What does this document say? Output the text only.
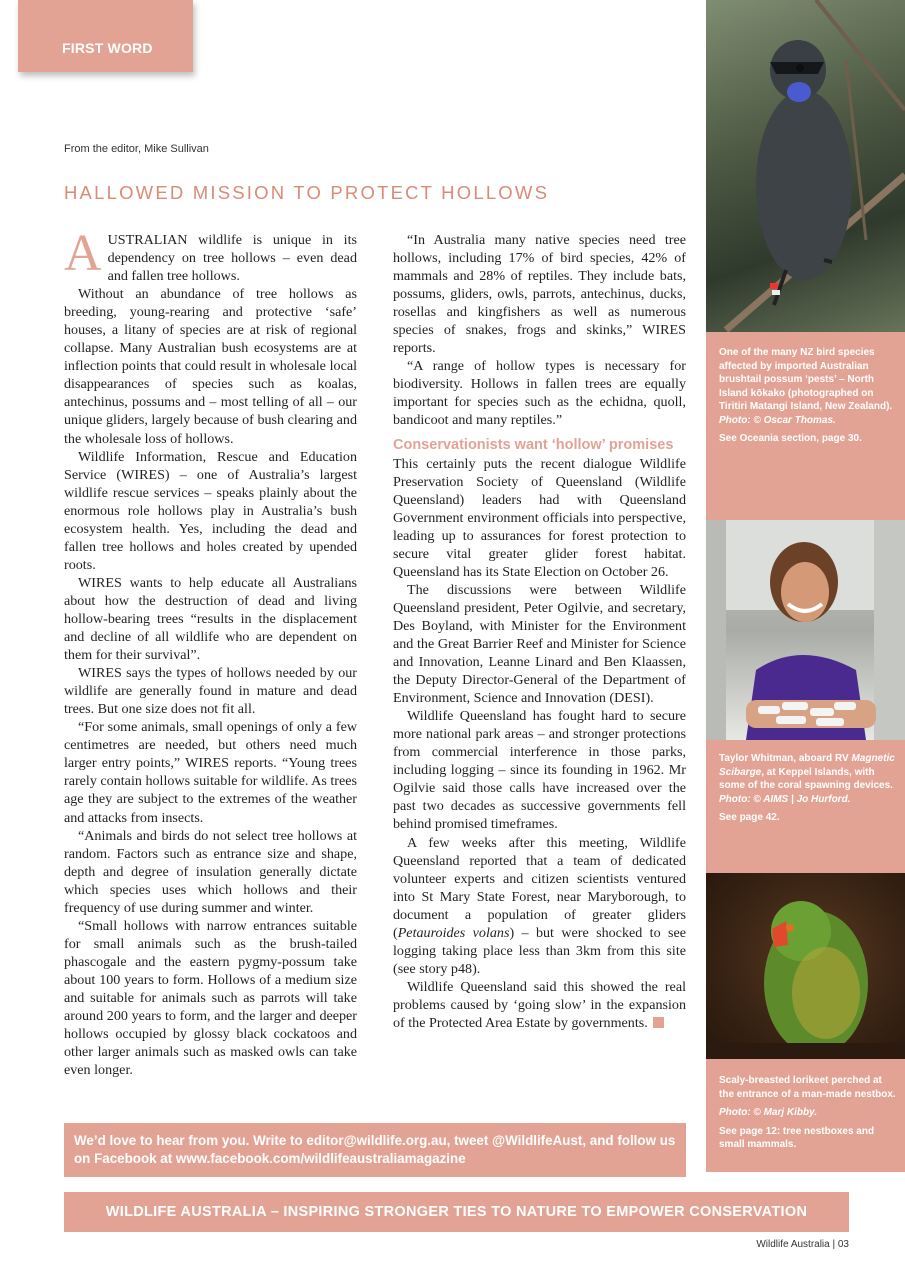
FIRST WORD
From the editor, Mike Sullivan
HALLOWED MISSION TO PROTECT HOLLOWS

AUSTRALIAN wildlife is unique in its dependency on tree hollows – even dead and fallen tree hollows.

Without an abundance of tree hollows as breeding, young-rearing and protective ‘safe’ houses, a litany of species are at risk of regional collapse. Many Australian bush ecosystems are at inflection points that could result in wholesale local disappearances of species such as koalas, antechinus, possums and – most telling of all – our unique gliders, largely because of bush clearing and the wholesale loss of hollows.

Wildlife Information, Rescue and Education Service (WIRES) – one of Australia’s largest wildlife rescue services – speaks plainly about the enormous role hollows play in Australia’s bush ecosystem health. Yes, including the dead and fallen tree hollows and holes created by upended roots.

WIRES wants to help educate all Australians about how the destruction of dead and living hollow-bearing trees “results in the displacement and decline of all wildlife who are dependent on them for their survival”.

WIRES says the types of hollows needed by our wildlife are generally found in mature and dead trees. But one size does not fit all.

“For some animals, small openings of only a few centimetres are needed, but others need much larger entry points,” WIRES reports. “Young trees rarely contain hollows suitable for wildlife. As trees age they are subject to the extremes of the weather and attacks from insects.

“Animals and birds do not select tree hollows at random. Factors such as entrance size and shape, depth and degree of insulation generally dictate which species uses which hollows and their frequency of use during summer and winter.

“Small hollows with narrow entrances suitable for small animals such as the brush-tailed phascogale and the eastern pygmy-possum take about 100 years to form. Hollows of a medium size and suitable for animals such as parrots will take around 200 years to form, and the larger and deeper hollows occupied by glossy black cockatoos and other larger animals such as masked owls can take even longer.

“In Australia many native species need tree hollows, including 17% of bird species, 42% of mammals and 28% of reptiles. They include bats, possums, gliders, owls, parrots, antechinus, ducks, rosellas and kingfishers as well as numerous species of snakes, frogs and skinks,” WIRES reports.

“A range of hollow types is necessary for biodiversity. Hollows in fallen trees are equally important for species such as the echidna, quoll, bandicoot and many reptiles.”

Conservationists want ‘hollow’ promises

This certainly puts the recent dialogue Wildlife Preservation Society of Queensland (Wildlife Queensland) leaders had with Queensland Government environment officials into perspective, leading up to assurances for forest protection to secure vital greater glider forest habitat. Queensland has its State Election on October 26.

The discussions were between Wildlife Queensland president, Peter Ogilvie, and secretary, Des Boyland, with Minister for the Environment and the Great Barrier Reef and Minister for Science and Innovation, Leanne Linard and Ben Klaassen, the Deputy Director-General of the Department of Environment, Science and Innovation (DESI).

Wildlife Queensland has fought hard to secure more national park areas – and stronger protections from commercial interference in those parks, including logging – since its founding in 1962. Mr Ogilvie said those calls have increased over the past two decades as successive governments fell behind promised timeframes.

A few weeks after this meeting, Wildlife Queensland reported that a team of dedicated volunteer experts and citizen scientists ventured into St Mary State Forest, near Maryborough, to document a population of greater gliders (Petauroides volans) – but were shocked to see logging taking place less than 3km from this site (see story p48).

Wildlife Queensland said this showed the real problems caused by ‘going slow’ in the expansion of the Protected Area Estate by governments.

One of the many NZ bird species affected by imported Australian brushtail possum ‘pests’ – North Island kōkako (photographed on Tiritiri Matangi Island, New Zealand). Photo: © Oscar Thomas.

See Oceania section, page 30.

Taylor Whitman, aboard RV Magnetic Scibarge, at Keppel Islands, with some of the coral spawning devices. Photo: © AIMS | Jo Hurford.

See page 42.

Scaly-breasted lorikeet perched at the entrance of a man-made nestbox.

Photo: © Marj Kibby.

See page 12: tree nestboxes and small mammals.

We’d love to hear from you. Write to editor@wildlife.org.au, tweet @WildlifeAust, and follow us on Facebook at www.facebook.com/wildlifeaustraliamagazine
WILDLIFE AUSTRALIA – INSPIRING STRONGER TIES TO NATURE TO EMPOWER CONSERVATION
Wildlife Australia | 03
